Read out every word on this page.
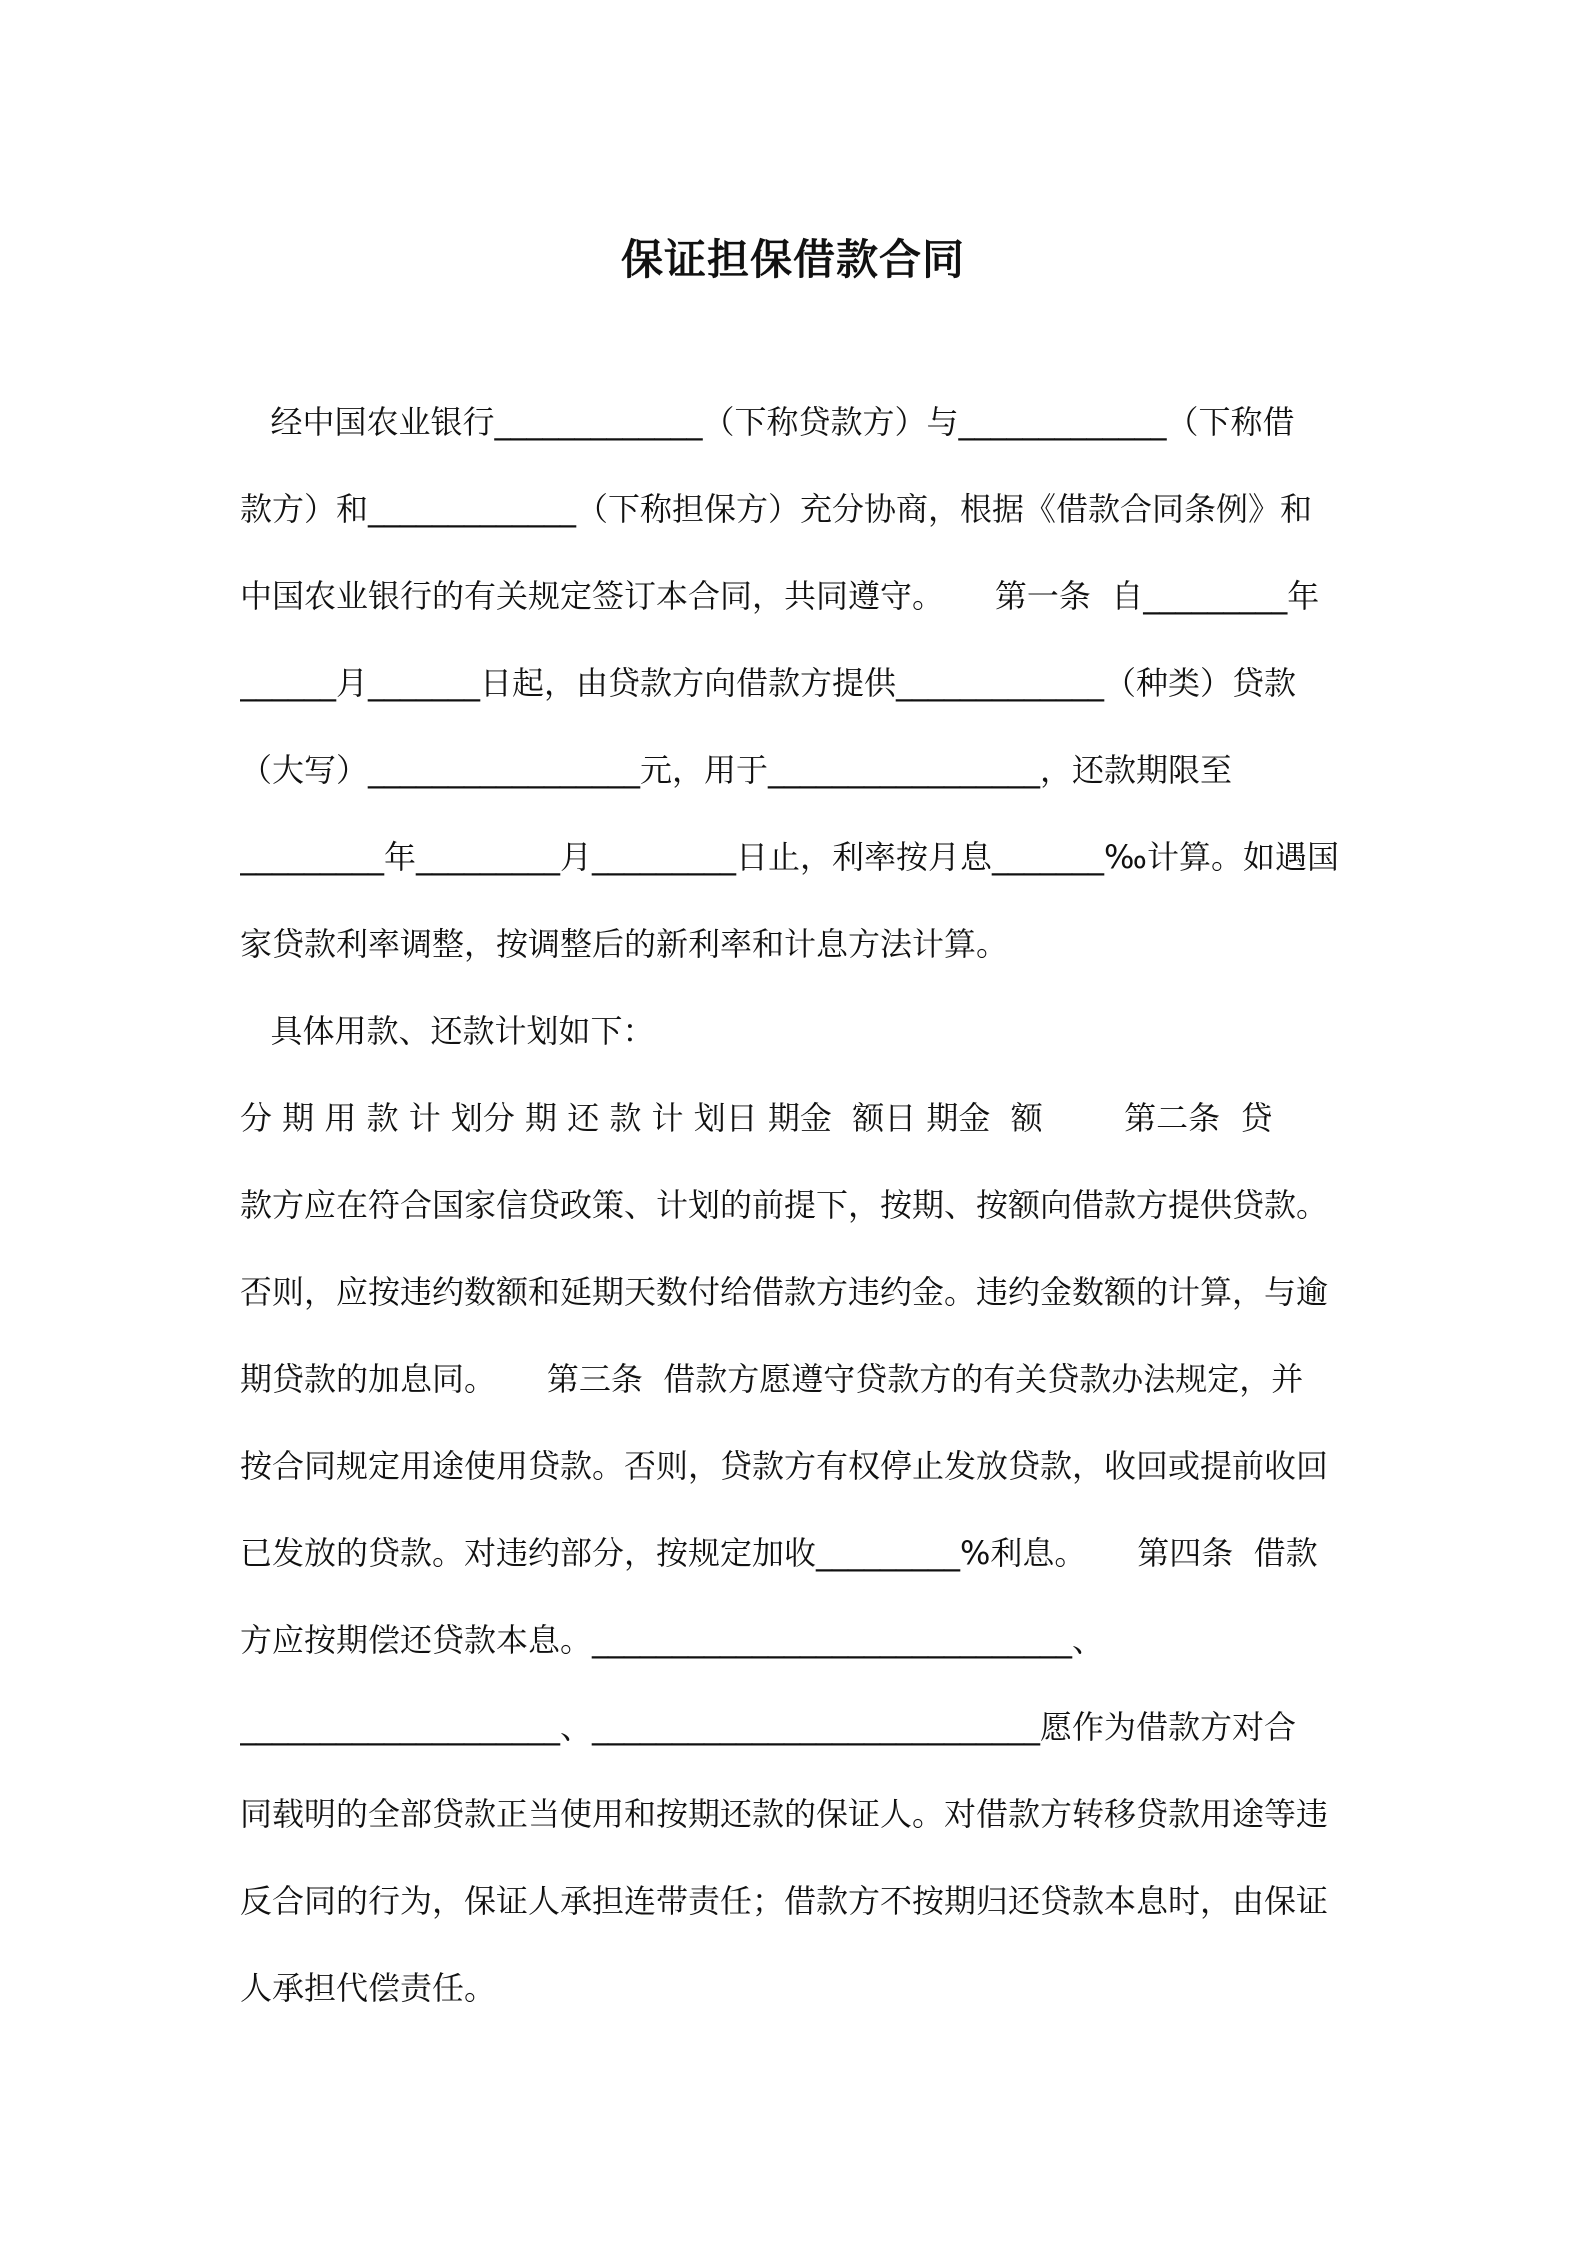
保证担保借款合同
经中国农业银行_____________（下称贷款方）与_____________（下称借
款方）和_____________（下称担保方）充分协商，根据《借款合同条例》和
中国农业银行的有关规定签订本合同，共同遵守。     第一条  自_________年
______月_______日起，由贷款方向借款方提供_____________（种类）贷款
（大写）_________________元，用于_________________，还款期限至
_________年_________月_________日止，利率按月息_______‰计算。如遇国
家贷款利率调整，按调整后的新利率和计息方法计算。
具体用款、还款计划如下：
分 期 用 款 计 划分 期 还 款 计 划日 期金  额日 期金  额        第二条  贷
款方应在符合国家信贷政策、计划的前提下，按期、按额向借款方提供贷款。
否则，应按违约数额和延期天数付给借款方违约金。违约金数额的计算，与逾
期贷款的加息同。     第三条  借款方愿遵守贷款方的有关贷款办法规定，并
按合同规定用途使用贷款。否则，贷款方有权停止发放贷款，收回或提前收回
已发放的贷款。对违约部分，按规定加收_________%利息。     第四条  借款
方应按期偿还贷款本息。______________________________、
____________________、____________________________愿作为借款方对合
同载明的全部贷款正当使用和按期还款的保证人。对借款方转移贷款用途等违
反合同的行为，保证人承担连带责任；借款方不按期归还贷款本息时，由保证
人承担代偿责任。
